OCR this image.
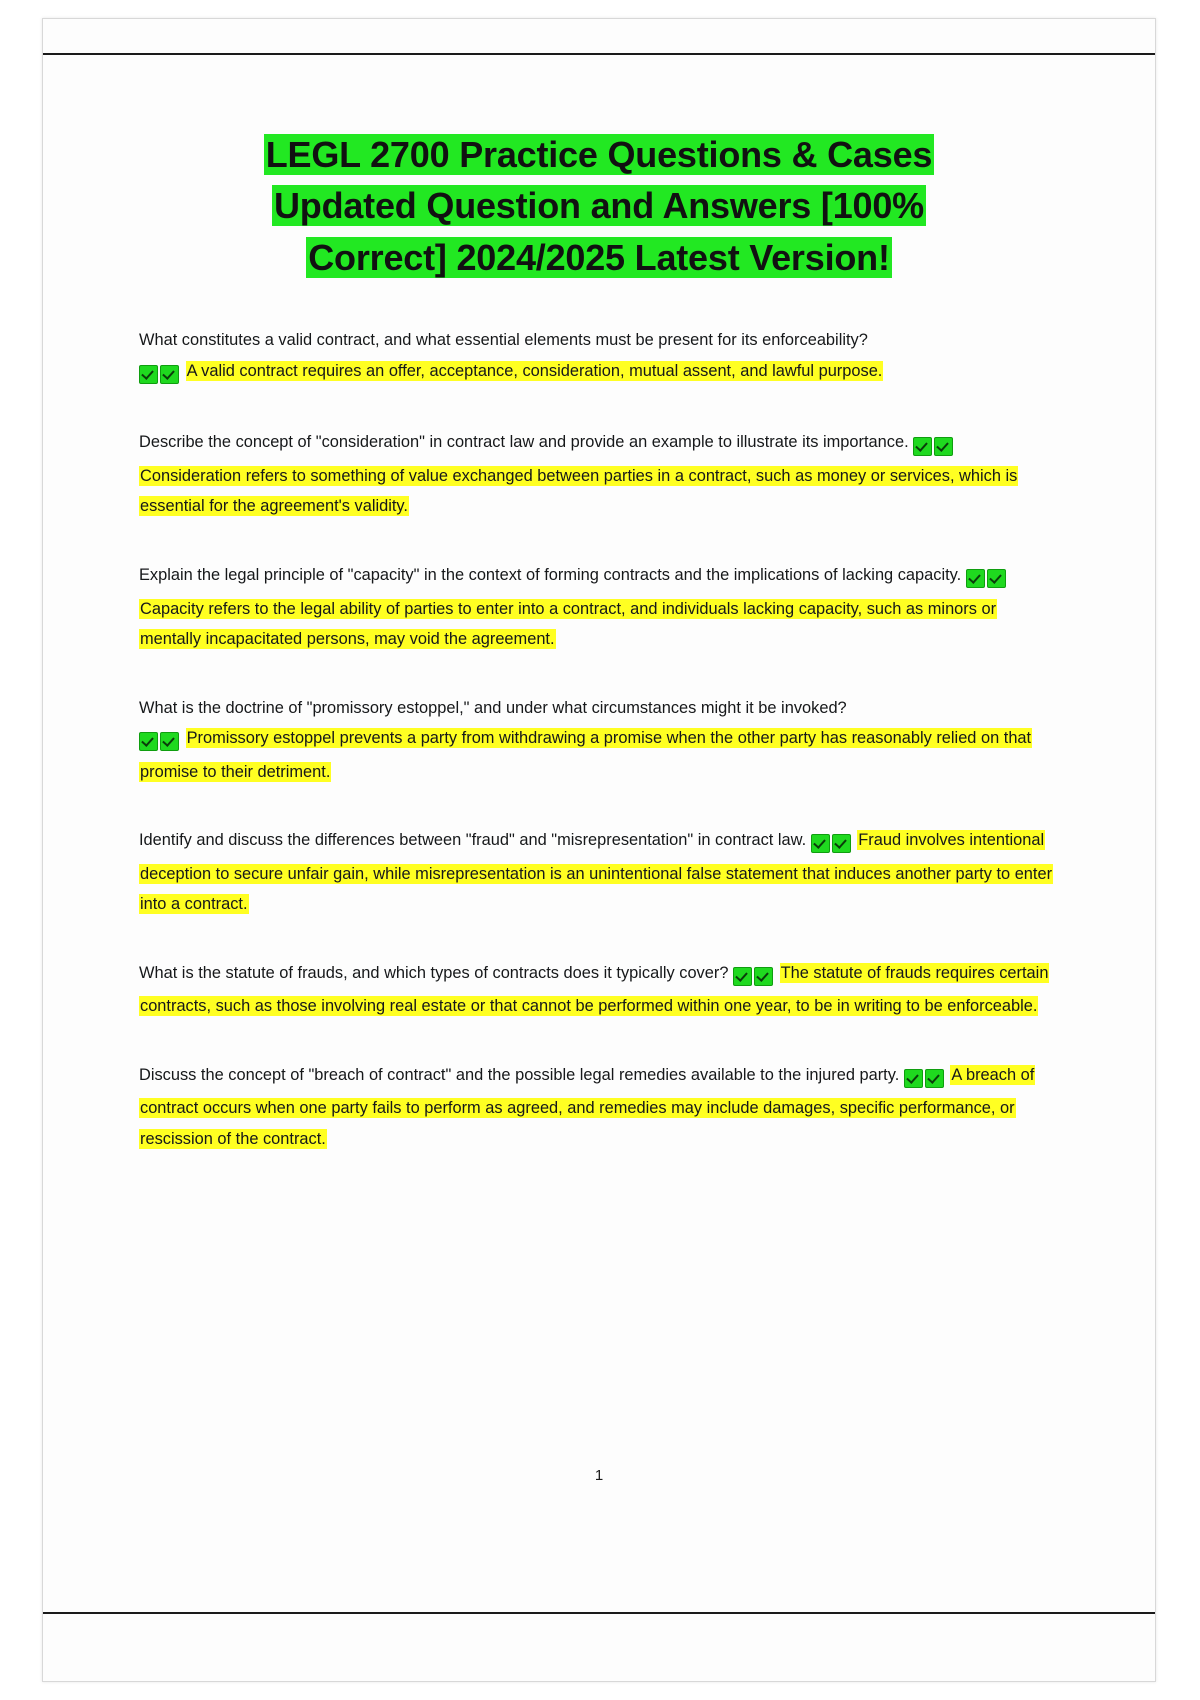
LEGL 2700 Practice Questions & Cases
Updated Question and Answers [100%
Correct] 2024/2025 Latest Version!

What constitutes a valid contract, and what essential elements must be present for its enforceability?
A valid contract requires an offer, acceptance, consideration, mutual assent, and lawful purpose.

Describe the concept of "consideration" in contract law and provide an example to illustrate its importance.  Consideration refers to something of value exchanged between parties in a contract, such as money or services, which is essential for the agreement's validity.

Explain the legal principle of "capacity" in the context of forming contracts and the implications of lacking capacity.  Capacity refers to the legal ability of parties to enter into a contract, and individuals lacking capacity, such as minors or mentally incapacitated persons, may void the agreement.

What is the doctrine of "promissory estoppel," and under what circumstances might it be invoked?
Promissory estoppel prevents a party from withdrawing a promise when the other party has reasonably relied on that promise to their detriment.

Identify and discuss the differences between "fraud" and "misrepresentation" in contract law.	Fraud involves intentional deception to secure unfair gain, while misrepresentation is an unintentional false statement that induces another party to enter into a contract.

What is the statute of frauds, and which types of contracts does it typically cover?	The statute of frauds requires certain contracts, such as those involving real estate or that cannot be performed within one year, to be in writing to be enforceable.

Discuss the concept of "breach of contract" and the possible legal remedies available to the injured party.	A breach of contract occurs when one party fails to perform as agreed, and remedies may include damages, specific performance, or rescission of the contract.

1
